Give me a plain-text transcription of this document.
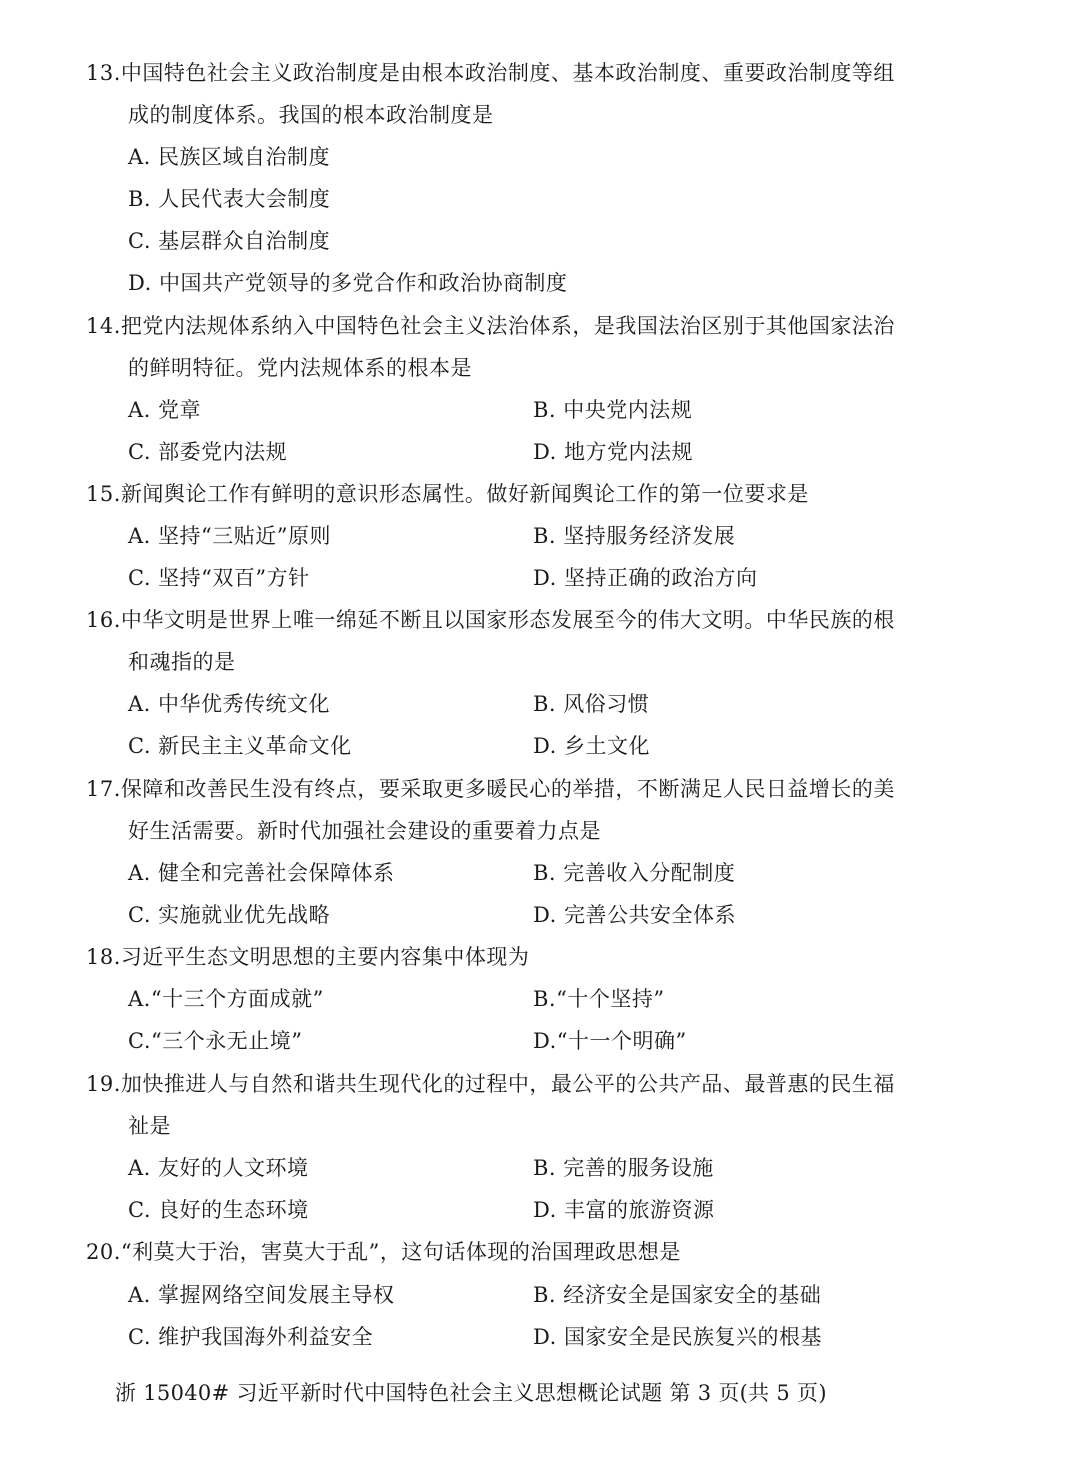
13.中国特色社会主义政治制度是由根本政治制度、基本政治制度、重要政治制度等组
成的制度体系。我国的根本政治制度是
A. 民族区域自治制度
B. 人民代表大会制度
C. 基层群众自治制度
D. 中国共产党领导的多党合作和政治协商制度
14.把党内法规体系纳入中国特色社会主义法治体系，是我国法治区别于其他国家法治
的鲜明特征。党内法规体系的根本是
A. 党章	B. 中央党内法规
C. 部委党内法规	D. 地方党内法规
15.新闻舆论工作有鲜明的意识形态属性。做好新闻舆论工作的第一位要求是
A. 坚持“三贴近”原则	B. 坚持服务经济发展
C. 坚持“双百”方针	D. 坚持正确的政治方向
16.中华文明是世界上唯一绵延不断且以国家形态发展至今的伟大文明。中华民族的根
和魂指的是
A. 中华优秀传统文化	B. 风俗习惯
C. 新民主主义革命文化	D. 乡土文化
17.保障和改善民生没有终点，要采取更多暖民心的举措，不断满足人民日益增长的美
好生活需要。新时代加强社会建设的重要着力点是
A. 健全和完善社会保障体系	B. 完善收入分配制度
C. 实施就业优先战略	D. 完善公共安全体系
18.习近平生态文明思想的主要内容集中体现为
A.“十三个方面成就”	B.“十个坚持”
C.“三个永无止境”	D.“十一个明确”
19.加快推进人与自然和谐共生现代化的过程中，最公平的公共产品、最普惠的民生福
祉是
A. 友好的人文环境	B. 完善的服务设施
C. 良好的生态环境	D. 丰富的旅游资源
20.“利莫大于治，害莫大于乱”，这句话体现的治国理政思想是
A. 掌握网络空间发展主导权	B. 经济安全是国家安全的基础
C. 维护我国海外利益安全	D. 国家安全是民族复兴的根基
浙 15040# 习近平新时代中国特色社会主义思想概论试题 第 3 页(共 5 页)
